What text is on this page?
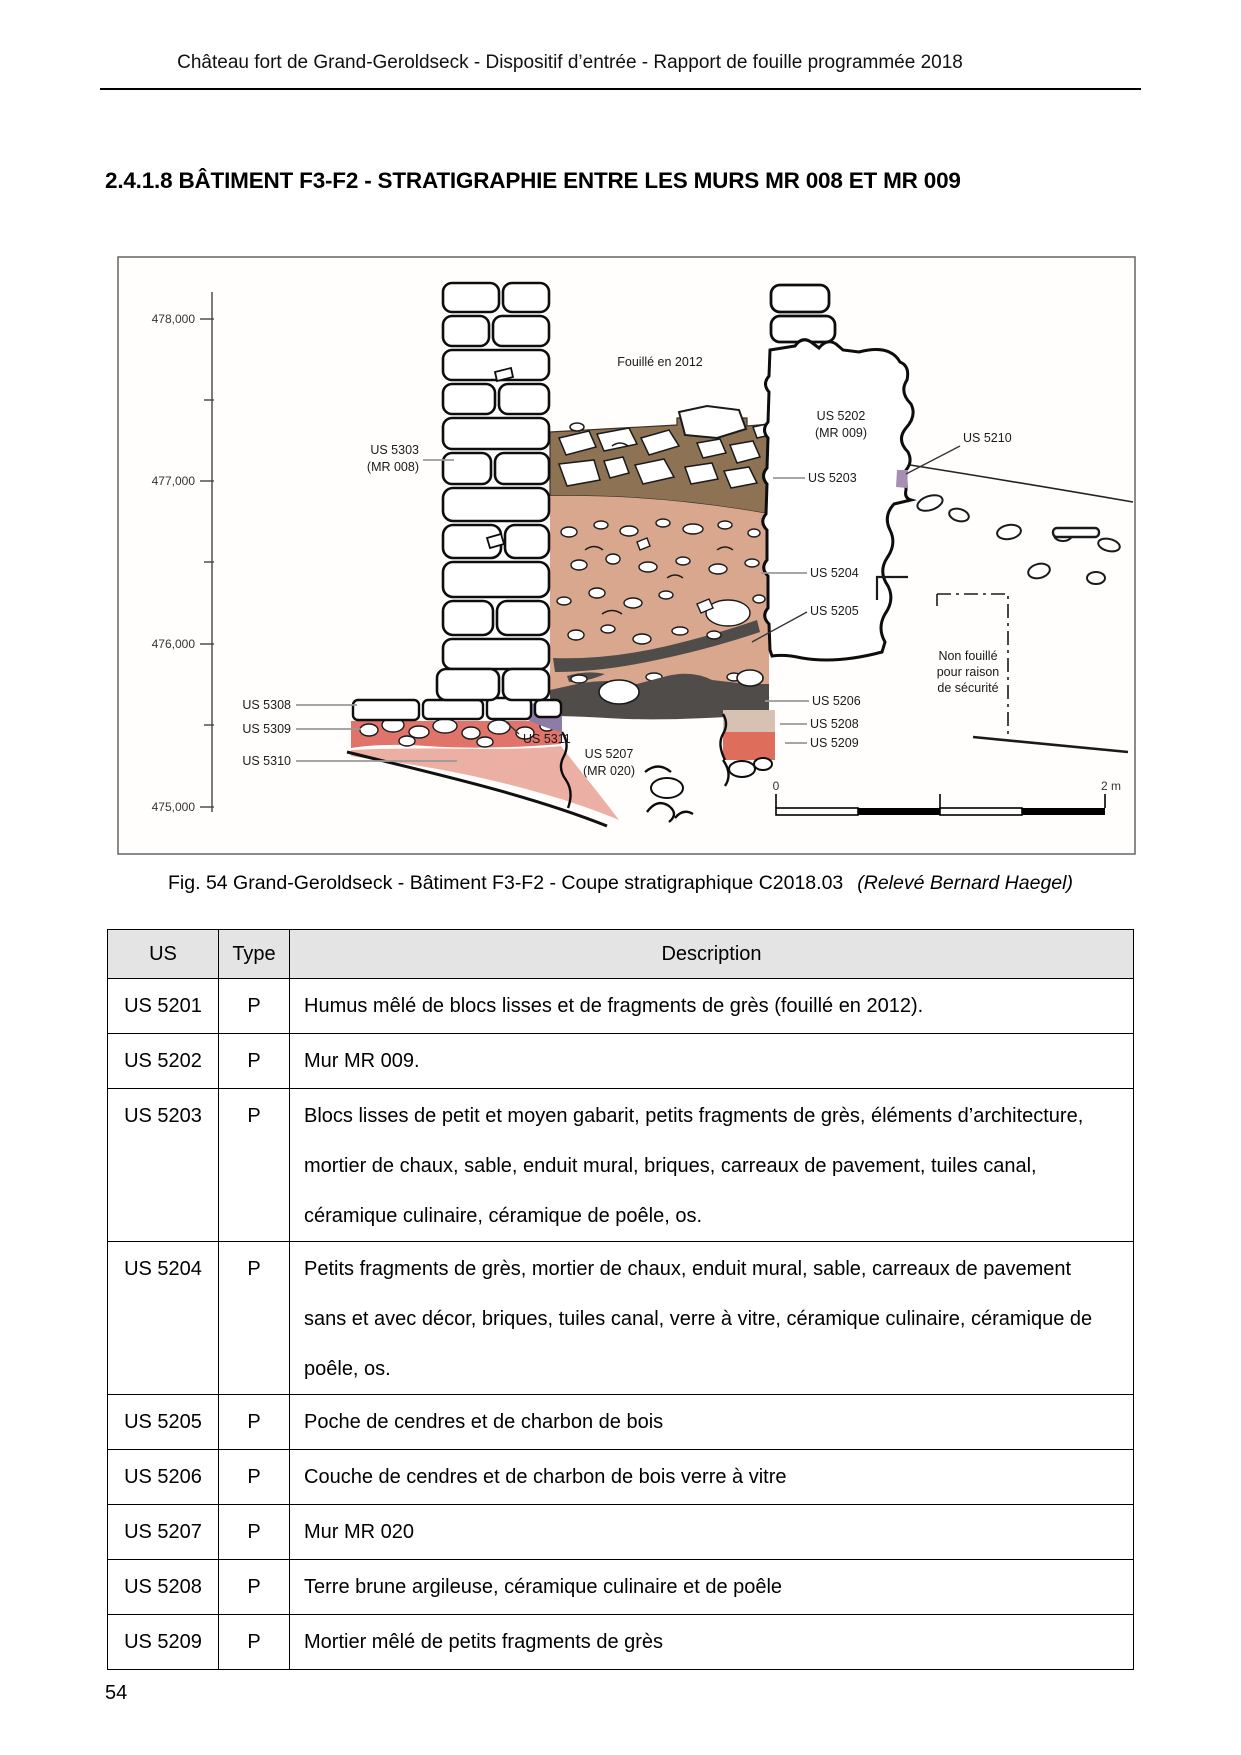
Château fort de Grand-Geroldseck - Dispositif d’entrée - Rapport de fouille programmée 2018
2.4.1.8 BÂTIMENT F3-F2 - STRATIGRAPHIE ENTRE LES MURS MR 008 ET MR 009
478,000
477,000
476,000
475,000
Fouillé en 2012
US 5303
(MR 008)
US 5202
(MR 009)	US 5210
US 5203
US 5204
US 5205
US 5206
US 5208
US 5209
US 5308
US 5309
US 5310
US 5311
US 5207
(MR 020)
Non fouillé
pour raison
de sécurité
0	2 m
Fig. 54 Grand-Geroldseck - Bâtiment F3-F2 - Coupe stratigraphique C2018.03 (Relevé Bernard Haegel)
US	Type	Description
US 5201	P	Humus mêlé de blocs lisses et de fragments de grès (fouillé en 2012).
US 5202	P	Mur MR 009.
US 5203	P	Blocs lisses de petit et moyen gabarit, petits fragments de grès, éléments d’architecture, mortier de chaux, sable, enduit mural, briques, carreaux de pavement, tuiles canal, céramique culinaire, céramique de poêle, os.
US 5204	P	Petits fragments de grès, mortier de chaux, enduit mural, sable, carreaux de pavement sans et avec décor, briques, tuiles canal, verre à vitre, céramique culinaire, céramique de poêle, os.
US 5205	P	Poche de cendres et de charbon de bois
US 5206	P	Couche de cendres et de charbon de bois verre à vitre
US 5207	P	Mur MR 020
US 5208	P	Terre brune argileuse, céramique culinaire et de poêle
US 5209	P	Mortier mêlé de petits fragments de grès
54
